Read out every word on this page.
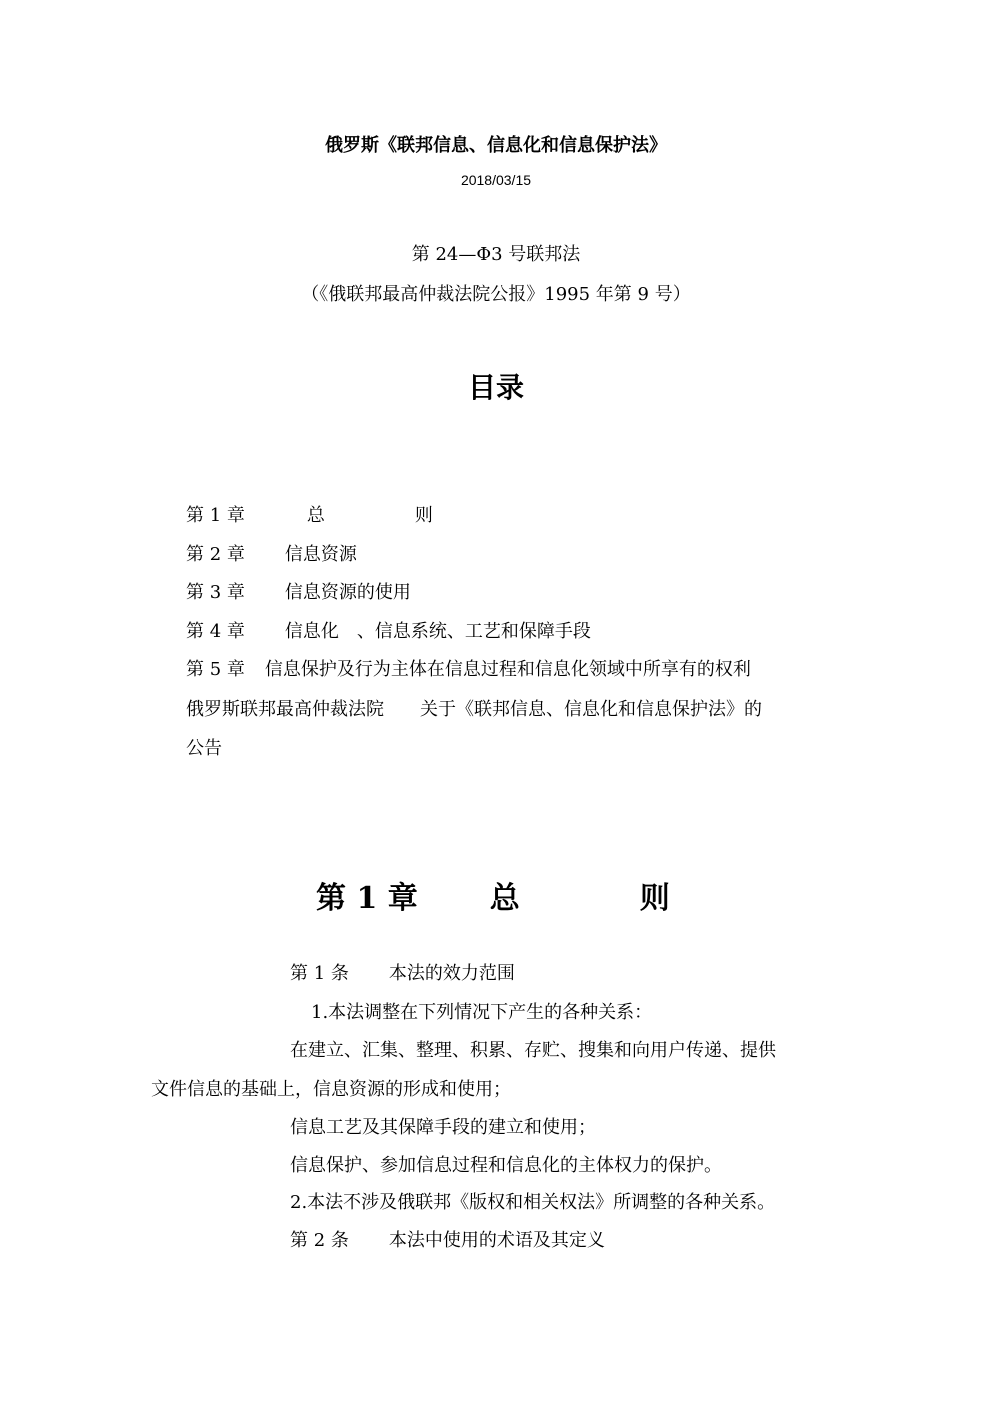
俄罗斯《联邦信息、信息化和信息保护法》
2018/03/15
第 24—Φ3 号联邦法
（《俄联邦最高仲裁法院公报》1995 年第 9 号）
目录
第 1 章	总　　　　　则
第 2 章 信息资源
第 3 章 信息资源的使用
第 4 章 信息化　、信息系统、工艺和保障手段
第 5 章 信息保护及行为主体在信息过程和信息化领域中所享有的权利
俄罗斯联邦最高仲裁法院　　关于《联邦信息、信息化和信息保护法》的
公告
第 1 章 总　　　　则
第 1 条 本法的效力范围
1.本法调整在下列情况下产生的各种关系：
在建立、汇集、整理、积累、存贮、搜集和向用户传递、提供
文件信息的基础上，信息资源的形成和使用；
信息工艺及其保障手段的建立和使用；
信息保护、参加信息过程和信息化的主体权力的保护。
2.本法不涉及俄联邦《版权和相关权法》所调整的各种关系。
第 2 条 本法中使用的术语及其定义
